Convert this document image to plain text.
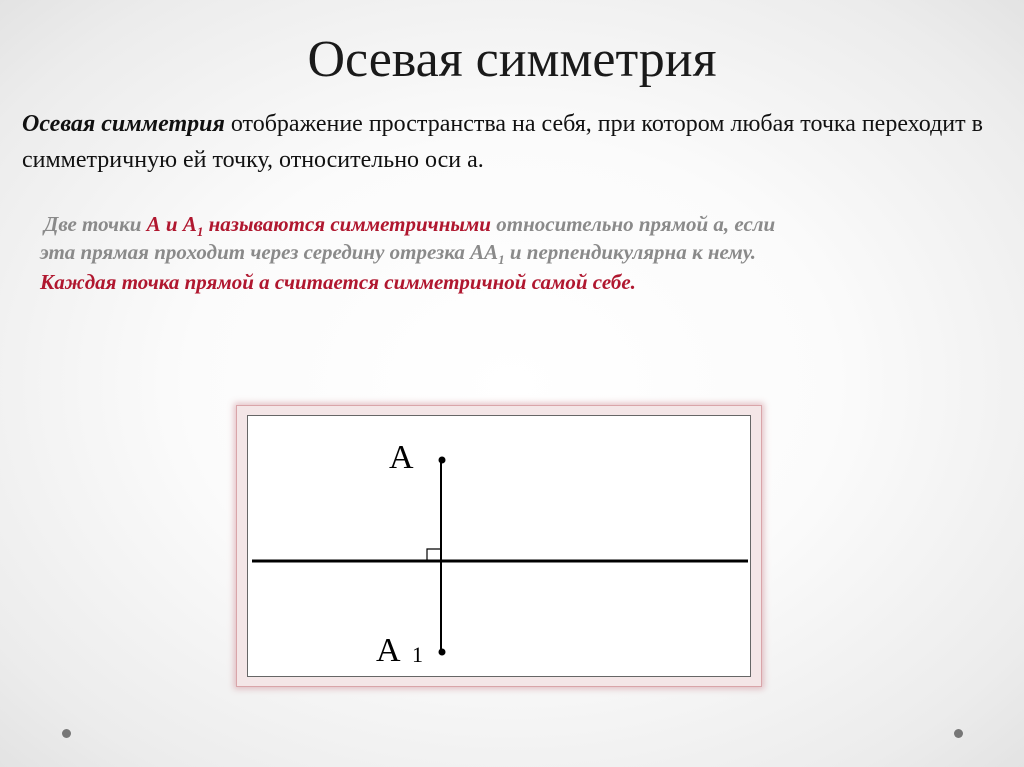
Осевая симметрия
Осевая симметрия отображение пространства на себя, при котором любая точка переходит в симметричную ей точку, относительно оси а.
Две точки А и $А_1$ называются симметричными относительно прямой а, если
эта прямая проходит через середину отрезка $АА_1$ и перпендикулярна к нему.
Каждая точка прямой а считается симметричной самой себе.
A
A 1
